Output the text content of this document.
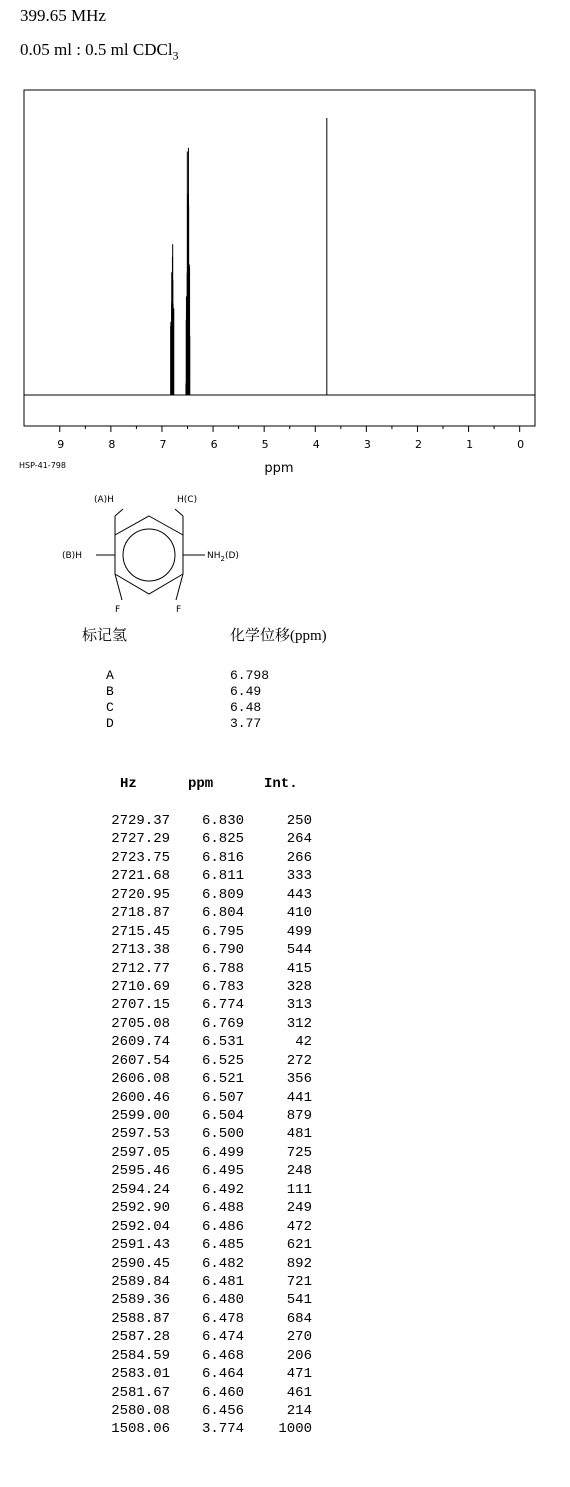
399.65 MHz
0.05 ml : 0.5 ml CDCl$_3$
9	8	7	6	5	4	3	2	1	0
ppm
HSP-41-798
(A)H	H(C)
(B)H	$NH_2(D)$
F	F
标记氢	化学位移(ppm)
A	6.798
B	6.49
C	6.48
D	3.77
Hz	ppm	Int.
2729.37	6.830	250
2727.29	6.825	264
2723.75	6.816	266
2721.68	6.811	333
2720.95	6.809	443
2718.87	6.804	410
2715.45	6.795	499
2713.38	6.790	544
2712.77	6.788	415
2710.69	6.783	328
2707.15	6.774	313
2705.08	6.769	312
2609.74	6.531	42
2607.54	6.525	272
2606.08	6.521	356
2600.46	6.507	441
2599.00	6.504	879
2597.53	6.500	481
2597.05	6.499	725
2595.46	6.495	248
2594.24	6.492	111
2592.90	6.488	249
2592.04	6.486	472
2591.43	6.485	621
2590.45	6.482	892
2589.84	6.481	721
2589.36	6.480	541
2588.87	6.478	684
2587.28	6.474	270
2584.59	6.468	206
2583.01	6.464	471
2581.67	6.460	461
2580.08	6.456	214
1508.06	3.774	1000
